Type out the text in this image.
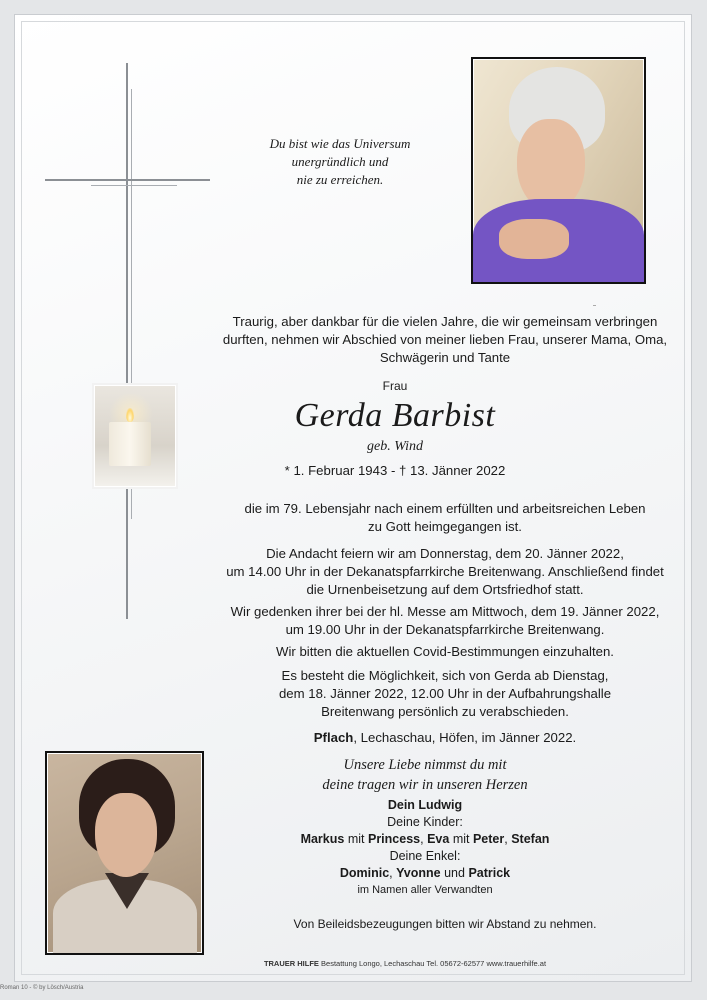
Du bist wie das Universum
unergründlich und
nie zu erreichen.
Traurig, aber dankbar für die vielen Jahre, die wir gemeinsam verbringen
durften, nehmen wir Abschied von meiner lieben Frau, unserer Mama, Oma,
Schwägerin und Tante
Frau
Gerda Barbist
geb. Wind
* 1. Februar 1943 - † 13. Jänner 2022
die im 79. Lebensjahr nach einem erfüllten und arbeitsreichen Leben
zu Gott heimgegangen ist.
Die Andacht feiern wir am Donnerstag, dem 20. Jänner 2022,
um 14.00 Uhr in der Dekanatspfarrkirche Breitenwang. Anschließend findet
die Urnenbeisetzung auf dem Ortsfriedhof statt.
Wir gedenken ihrer bei der hl. Messe am Mittwoch, dem 19. Jänner 2022,
um 19.00 Uhr in der Dekanatspfarrkirche Breitenwang.
Wir bitten die aktuellen Covid-Bestimmungen einzuhalten.
Es besteht die Möglichkeit, sich von Gerda ab Dienstag,
dem 18. Jänner 2022, 12.00 Uhr in der Aufbahrungshalle
Breitenwang persönlich zu verabschieden.
Pflach, Lechaschau, Höfen, im Jänner 2022.
Unsere Liebe nimmst du mit
deine tragen wir in unseren Herzen
Dein Ludwig
Deine Kinder:
Markus mit Princess, Eva mit Peter, Stefan
Deine Enkel:
Dominic, Yvonne und Patrick
im Namen aller Verwandten
Von Beileidsbezeugungen bitten wir Abstand zu nehmen.
TRAUER HILFE Bestattung Longo, Lechaschau Tel. 05672-62577 www.trauerhilfe.at
Roman 10 - © by Lösch/Austria
